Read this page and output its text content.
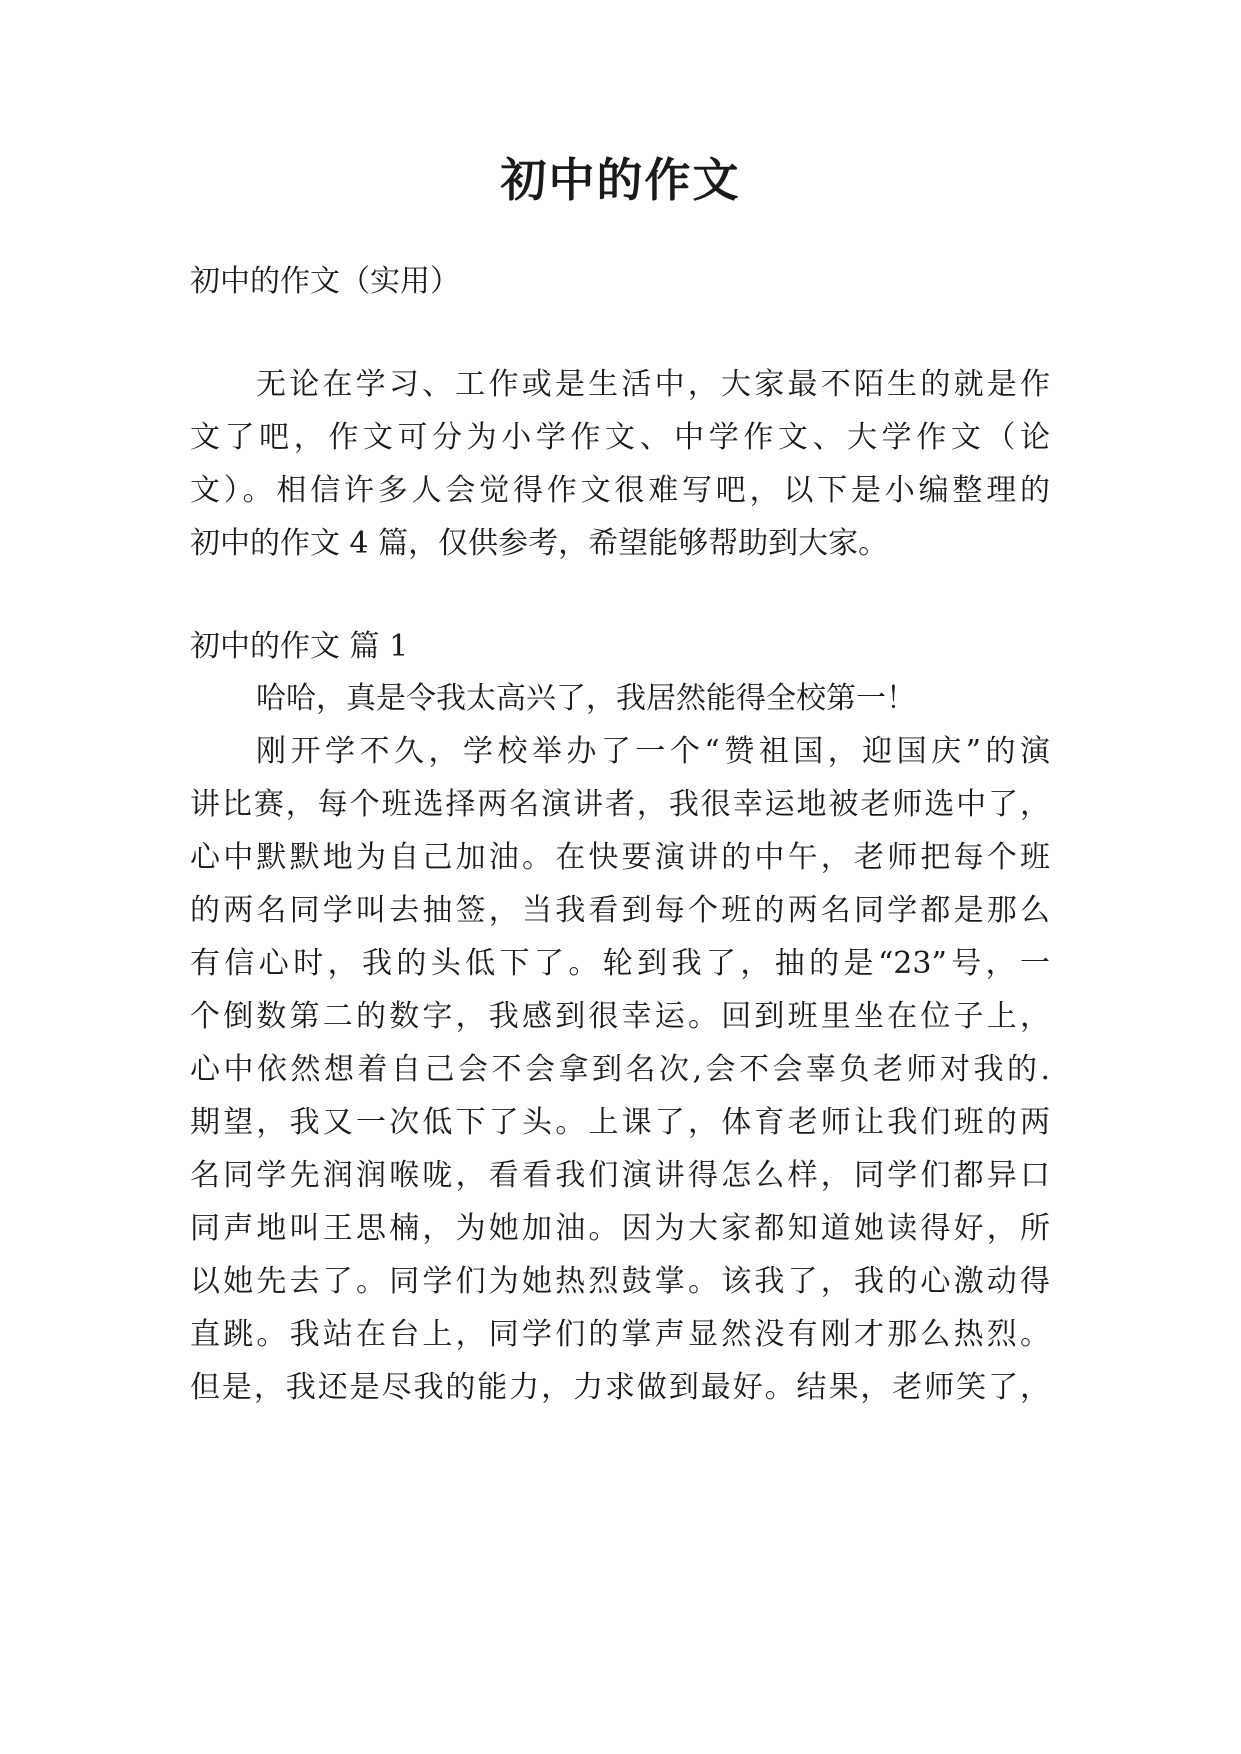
初中的作文
初中的作文（实用）
无论在学习、工作或是生活中，大家最不陌生的就是作
文了吧，作文可分为小学作文、中学作文、大学作文（论
文）。相信许多人会觉得作文很难写吧，以下是小编整理的
初中的作文 4 篇，仅供参考，希望能够帮助到大家。
初中的作文 篇 1
哈哈，真是令我太高兴了，我居然能得全校第一！
刚开学不久，学校举办了一个“赞祖国，迎国庆”的演
讲比赛，每个班选择两名演讲者，我很幸运地被老师选中了，
心中默默地为自己加油。在快要演讲的中午，老师把每个班
的两名同学叫去抽签，当我看到每个班的两名同学都是那么
有信心时，我的头低下了。轮到我了，抽的是“23”号，一
个倒数第二的数字，我感到很幸运。回到班里坐在位子上，
心中依然想着自己会不会拿到名次,会不会辜负老师对我的.
期望，我又一次低下了头。上课了，体育老师让我们班的两
名同学先润润喉咙，看看我们演讲得怎么样，同学们都异口
同声地叫王思楠，为她加油。因为大家都知道她读得好，所
以她先去了。同学们为她热烈鼓掌。该我了，我的心激动得
直跳。我站在台上，同学们的掌声显然没有刚才那么热烈。
但是，我还是尽我的能力，力求做到最好。结果，老师笑了，
